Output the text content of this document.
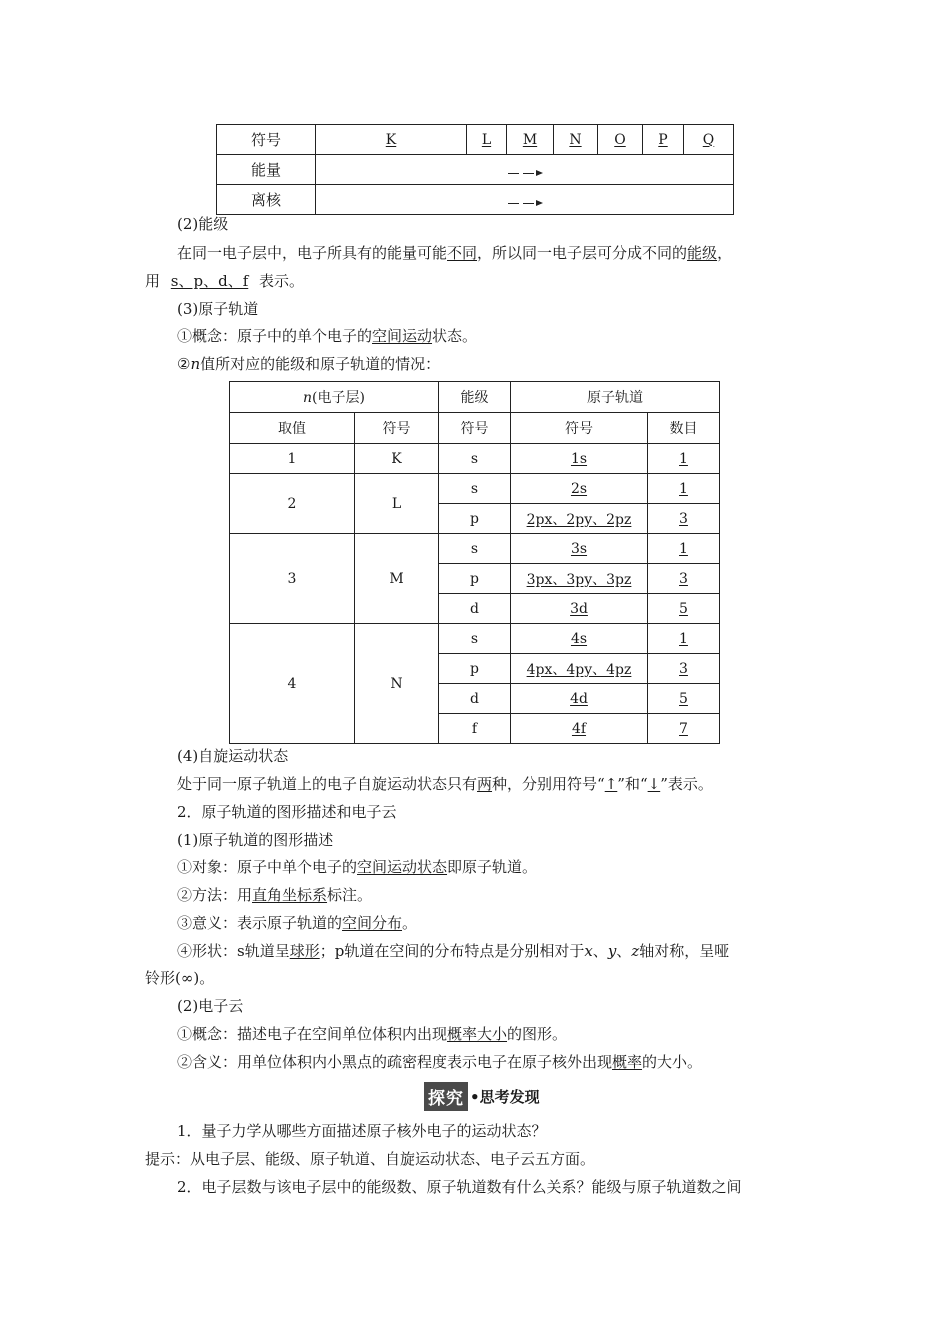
符号	K	L	M	N	O	P	Q
能量							

离核							
(2)能级
在同一电子层中，电子所具有的能量可能不同，所以同一电子层可分成不同的能级，
用 s、p、d、f 表示。
(3)原子轨道
①概念：原子中的单个电子的空间运动状态。
②n值所对应的能级和原子轨道的情况：
n(电子层)		能级	原子轨道	
取值	符号	符号	符号	数目
1	K	s	1s	1
2	L	s	2s	1
		p	2px、2py、2pz	3
3	M	s	3s	1
		p	3px、3py、3pz	3
		d	3d	5
4	N	s	4s	1
		p	4px、4py、4pz	3
		d	4d	5
		f	4f	7
(4)自旋运动状态
处于同一原子轨道上的电子自旋运动状态只有两种，分别用符号“↑”和“↓”表示。
2．原子轨道的图形描述和电子云
(1)原子轨道的图形描述
①对象：原子中单个电子的空间运动状态即原子轨道。
②方法：用直角坐标系标注。
③意义：表示原子轨道的空间分布。
④形状：s轨道呈球形；p轨道在空间的分布特点是分别相对于x、y、z轴对称，呈哑
铃形(∞)。
(2)电子云
①概念：描述电子在空间单位体积内出现概率大小的图形。
②含义：用单位体积内小黑点的疏密程度表示电子在原子核外出现概率的大小。
探究 •思考发现
1．量子力学从哪些方面描述原子核外电子的运动状态？
提示：从电子层、能级、原子轨道、自旋运动状态、电子云五方面。
2．电子层数与该电子层中的能级数、原子轨道数有什么关系？能级与原子轨道数之间
